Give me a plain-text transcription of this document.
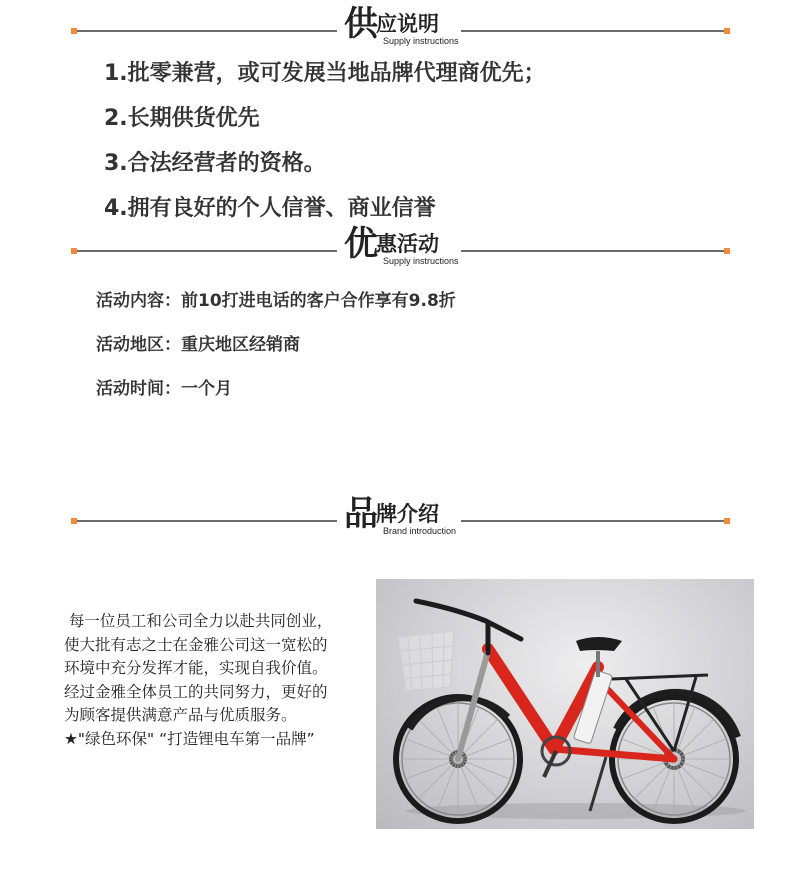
供应说明
Supply instructions
1.批零兼营，或可发展当地品牌代理商优先；
2.长期供货优先
3.合法经营者的资格。
4.拥有良好的个人信誉、商业信誉
优惠活动
Supply instructions
活动内容：前10打进电话的客户合作享有9.8折
活动地区：重庆地区经销商
活动时间：一个月
品牌介绍
Brand introduction

每一位员工和公司全力以赴共同创业，

使大批有志之士在金雅公司这一宽松的

环境中充分发挥才能，实现自我价值。

经过金雅全体员工的共同努力，更好的

为顾客提供满意产品与优质服务。

★"绿色环保" “打造锂电车第一品牌”
